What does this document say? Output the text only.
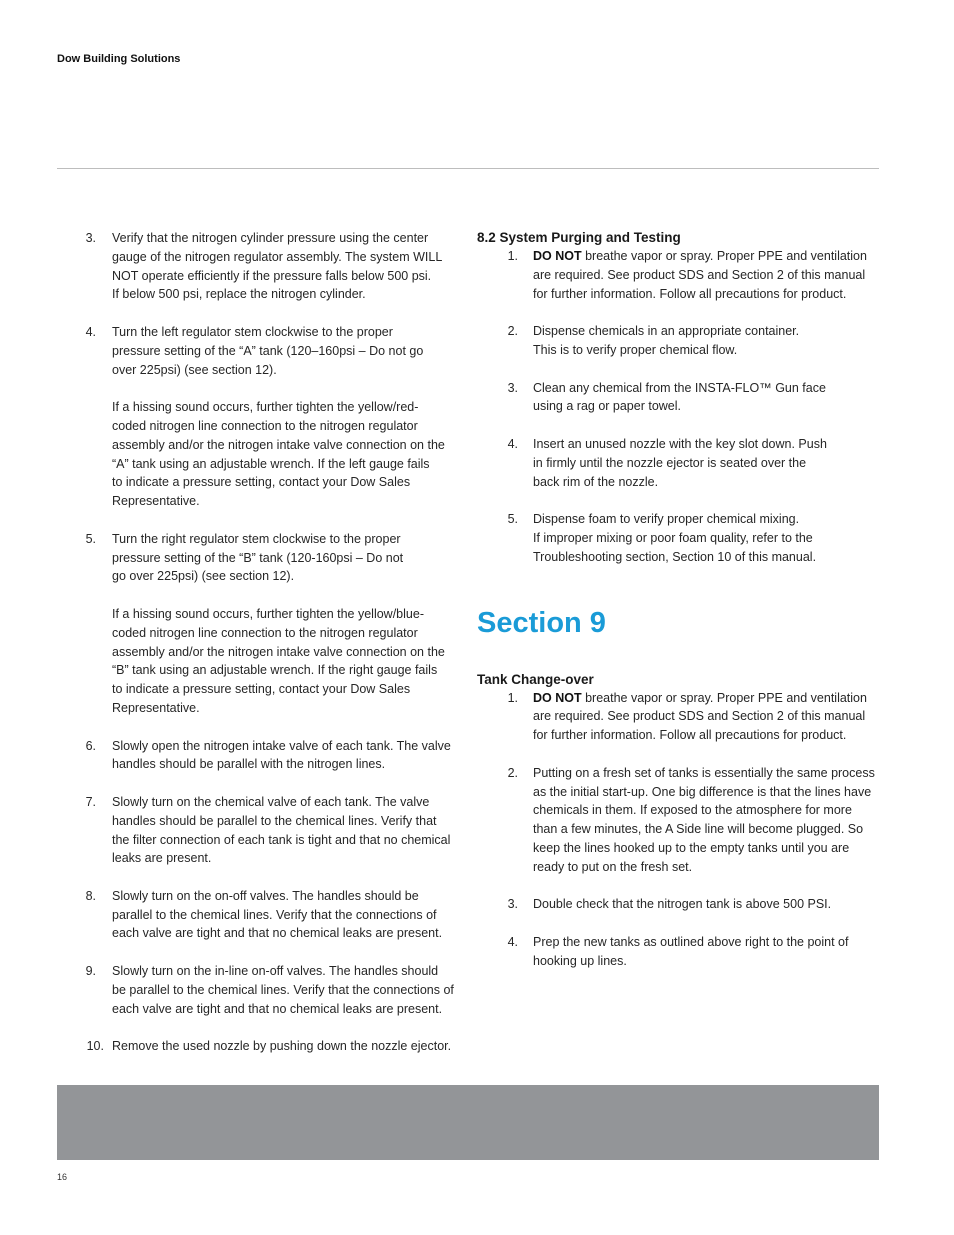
Dow Building Solutions
3. Verify that the nitrogen cylinder pressure using the center
gauge of the nitrogen regulator assembly. The system WILL
NOT operate efficiently if the pressure falls below 500 psi.
If below 500 psi, replace the nitrogen cylinder.
4. Turn the left regulator stem clockwise to the proper
pressure setting of the “A” tank (120–160psi – Do not go
over 225psi) (see section 12).

If a hissing sound occurs, further tighten the yellow/red-
coded nitrogen line connection to the nitrogen regulator
assembly and/or the nitrogen intake valve connection on the
“A” tank using an adjustable wrench. If the left gauge fails
to indicate a pressure setting, contact your Dow Sales
Representative.
5. Turn the right regulator stem clockwise to the proper
pressure setting of the “B” tank (120-160psi – Do not
go over 225psi) (see section 12).

If a hissing sound occurs, further tighten the yellow/blue-
coded nitrogen line connection to the nitrogen regulator
assembly and/or the nitrogen intake valve connection on the
“B” tank using an adjustable wrench. If the right gauge fails
to indicate a pressure setting, contact your Dow Sales
Representative.
6. Slowly open the nitrogen intake valve of each tank. The valve
handles should be parallel with the nitrogen lines.
7. Slowly turn on the chemical valve of each tank. The valve
handles should be parallel to the chemical lines. Verify that
the filter connection of each tank is tight and that no chemical
leaks are present.
8. Slowly turn on the on-off valves. The handles should be
parallel to the chemical lines. Verify that the connections of
each valve are tight and that no chemical leaks are present.
9. Slowly turn on the in-line on-off valves. The handles should
be parallel to the chemical lines. Verify that the connections of
each valve are tight and that no chemical leaks are present.
10. Remove the used nozzle by pushing down the nozzle ejector.
8.2 System Purging and Testing
1. DO NOT breathe vapor or spray. Proper PPE and ventilation
are required. See product SDS and Section 2 of this manual
for further information. Follow all precautions for product.
2. Dispense chemicals in an appropriate container.
This is to verify proper chemical flow.
3. Clean any chemical from the INSTA-FLO™ Gun face
using a rag or paper towel.
4. Insert an unused nozzle with the key slot down. Push
in firmly until the nozzle ejector is seated over the
back rim of the nozzle.
5. Dispense foam to verify proper chemical mixing.
If improper mixing or poor foam quality, refer to the
Troubleshooting section, Section 10 of this manual.
Section 9
Tank Change-over
1. DO NOT breathe vapor or spray. Proper PPE and ventilation
are required. See product SDS and Section 2 of this manual
for further information. Follow all precautions for product.
2. Putting on a fresh set of tanks is essentially the same process
as the initial start-up. One big difference is that the lines have
chemicals in them. If exposed to the atmosphere for more
than a few minutes, the A Side line will become plugged. So
keep the lines hooked up to the empty tanks until you are
ready to put on the fresh set.
3. Double check that the nitrogen tank is above 500 PSI.
4. Prep the new tanks as outlined above right to the point of
hooking up lines.
16
